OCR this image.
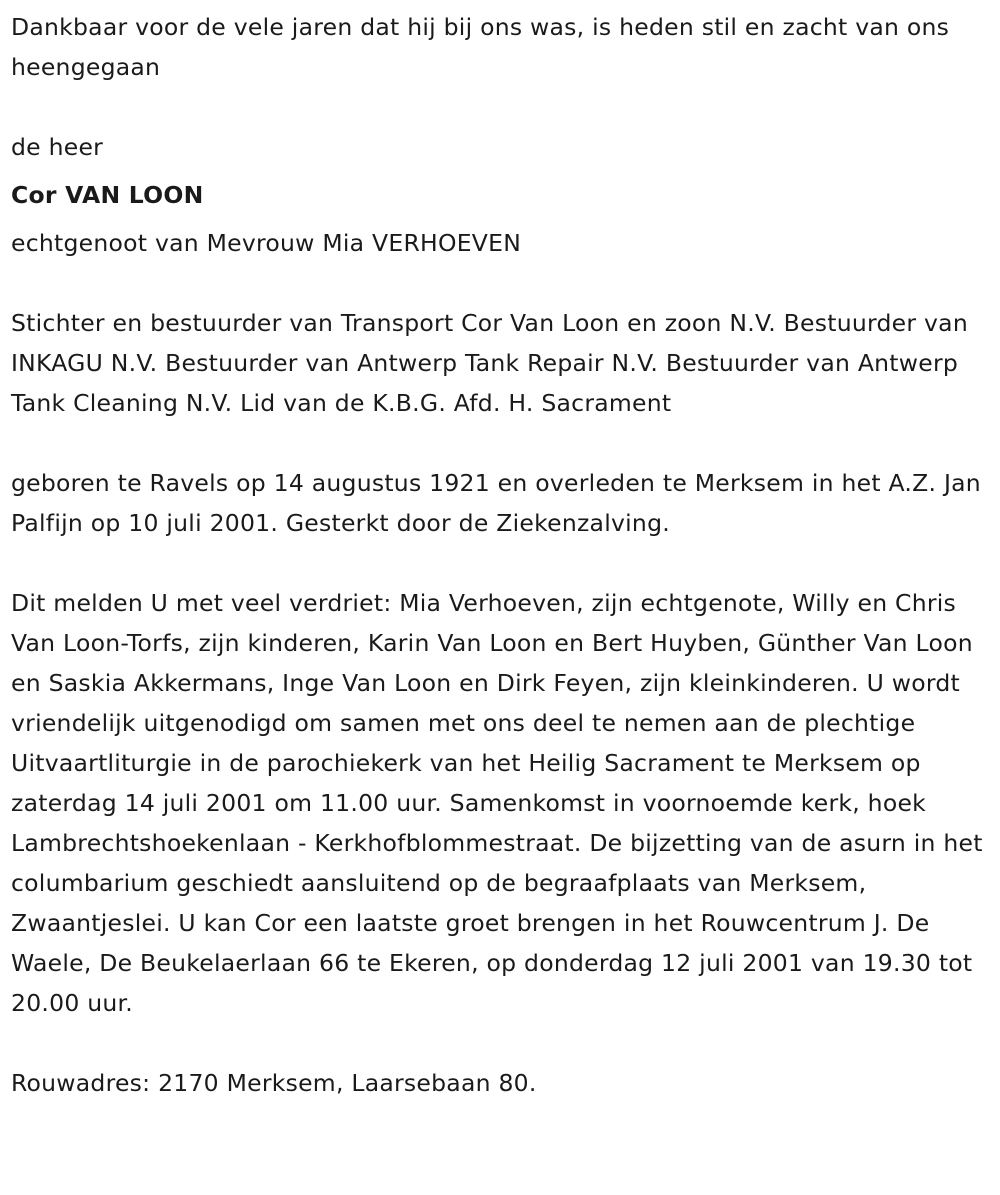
Dankbaar voor de vele jaren dat hij bij ons was, is heden stil en zacht van ons heengegaan

de heer

Cor VAN LOON

echtgenoot van Mevrouw Mia VERHOEVEN

Stichter en bestuurder van Transport Cor Van Loon en zoon N.V. Bestuurder van INKAGU N.V. Bestuurder van Antwerp Tank Repair N.V. Bestuurder van Antwerp Tank Cleaning N.V. Lid van de K.B.G. Afd. H. Sacrament

geboren te Ravels op 14 augustus 1921 en overleden te Merksem in het A.Z. Jan Palfijn op 10 juli 2001. Gesterkt door de Ziekenzalving.

Dit melden U met veel verdriet: Mia Verhoeven, zijn echtgenote, Willy en Chris Van Loon-Torfs, zijn kinderen, Karin Van Loon en Bert Huyben, Günther Van Loon en Saskia Akkermans, Inge Van Loon en Dirk Feyen, zijn kleinkinderen. U wordt vriendelijk uitgenodigd om samen met ons deel te nemen aan de plechtige Uitvaartliturgie in de parochiekerk van het Heilig Sacrament te Merksem op zaterdag 14 juli 2001 om 11.00 uur. Samenkomst in voornoemde kerk, hoek Lambrechtshoekenlaan - Kerkhofblommestraat. De bijzetting van de asurn in het columbarium geschiedt aansluitend op de begraafplaats van Merksem, Zwaantjeslei. U kan Cor een laatste groet brengen in het Rouwcentrum J. De Waele, De Beukelaerlaan 66 te Ekeren, op donderdag 12 juli 2001 van 19.30 tot 20.00 uur.

Rouwadres: 2170 Merksem, Laarsebaan 80.
